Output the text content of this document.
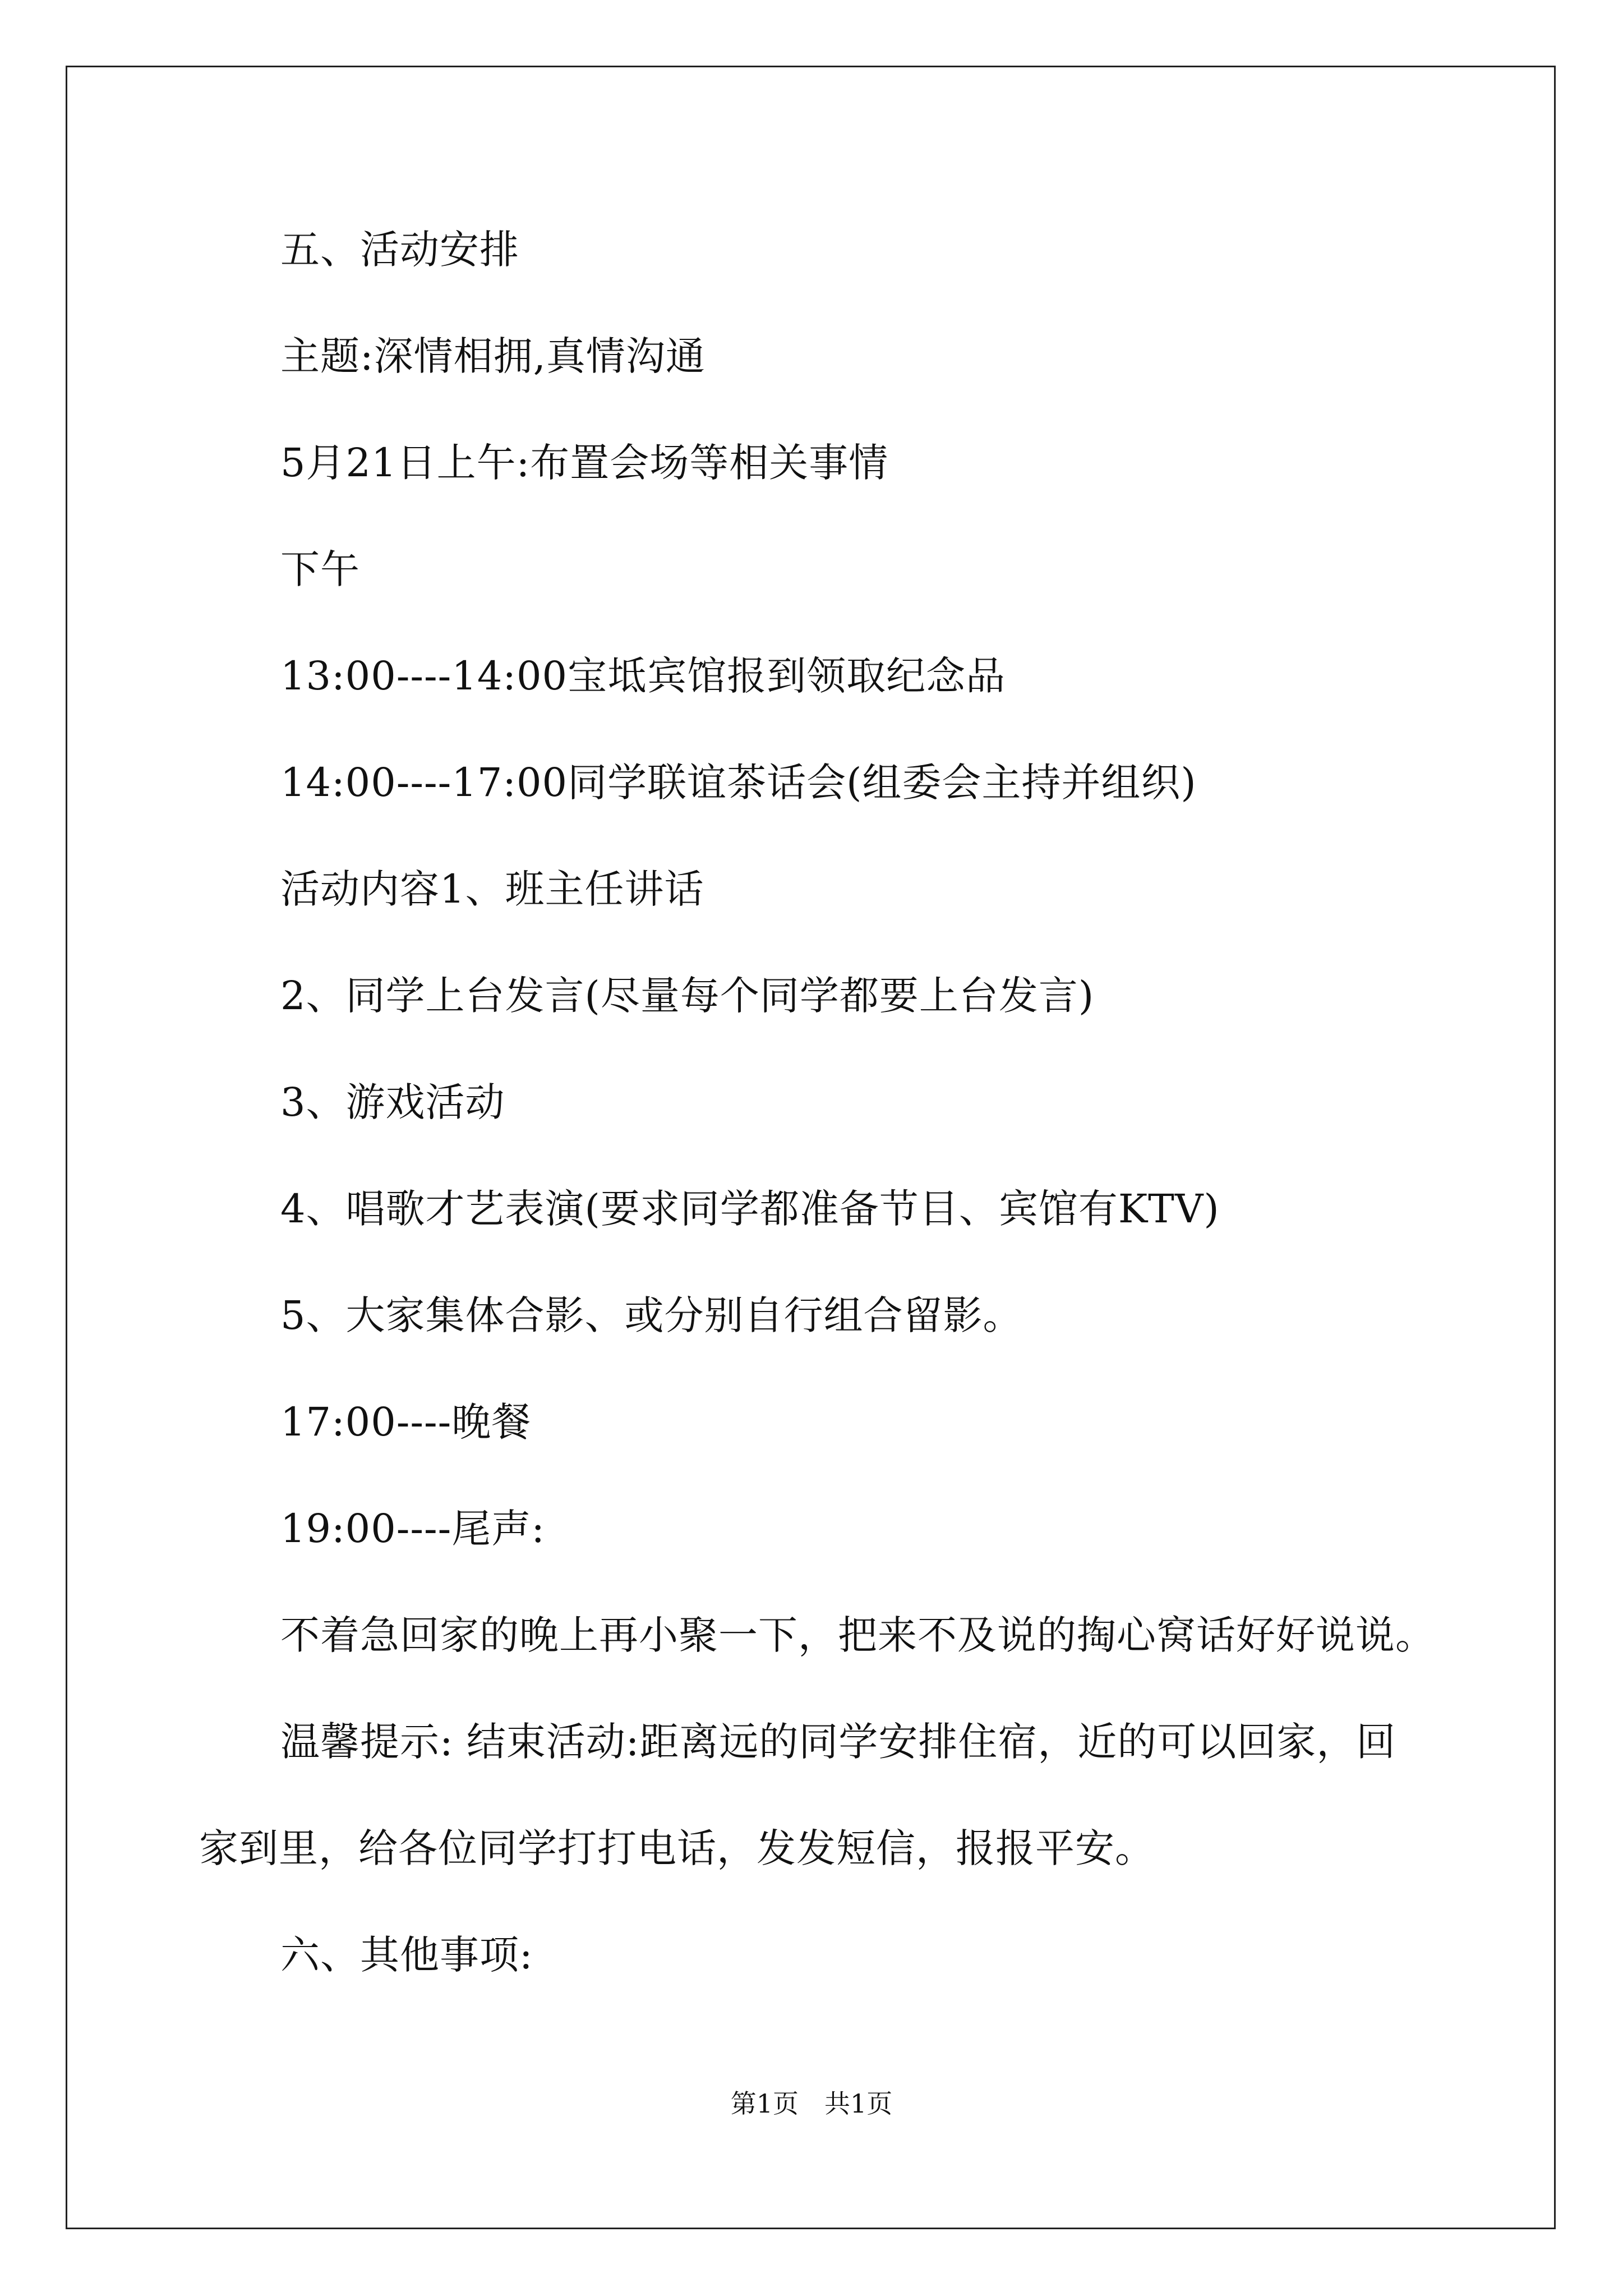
五、活动安排
主题:深情相拥,真情沟通
5月21日上午:布置会场等相关事情
下午
13:00----14:00宝坻宾馆报到领取纪念品
14:00----17:00同学联谊茶话会(组委会主持并组织)
活动内容1、班主任讲话
2、同学上台发言(尽量每个同学都要上台发言)
3、游戏活动
4、唱歌才艺表演(要求同学都准备节目、宾馆有KTV)
5、大家集体合影、或分别自行组合留影。
17:00----晚餐
19:00----尾声:
不着急回家的晚上再小聚一下，把来不及说的掏心窝话好好说说。
温馨提示: 结束活动:距离远的同学安排住宿，近的可以回家，回
家到里，给各位同学打打电话，发发短信，报报平安。
六、其他事项:
第1页　共1页
